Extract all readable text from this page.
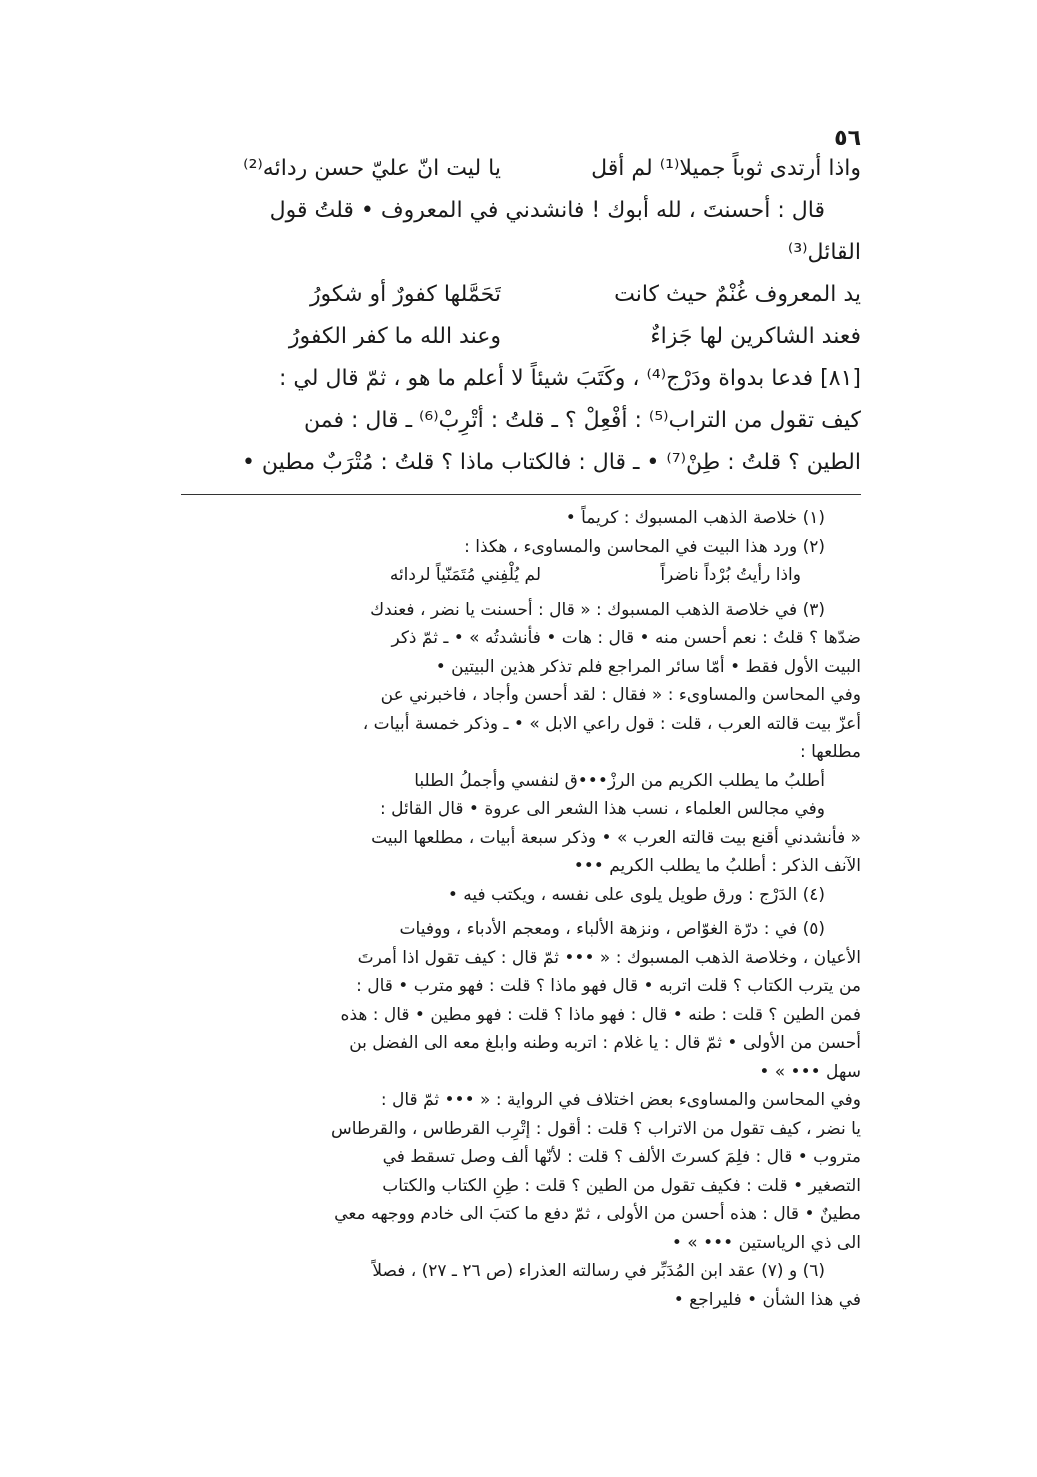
٥٦
واذا أرتدى ثوباً جميلا⁽¹⁾ لم أقل
يا ليت انّ عليّ حسن ردائه⁽²⁾
قال : أحسنتَ ، لله أبوك ! فانشدني في المعروف • قلتُ قول
القائل⁽³⁾
يد المعروف غُنْمٌ حيث كانت
تَحَمَّلها كفورٌ أو شكورُ
فعند الشاكرين لها جَزاءٌ
وعند الله ما كفر الكفورُ
[٨١] فدعا بدواة ودَرْج⁽⁴⁾ ، وكَتَبَ شيئاً لا أعلم ما هو ، ثمّ قال لي :
كيف تقول من التراب⁽⁵⁾ : أفْعِلْ ؟ ـ قلتُ : أتْرِبْ⁽⁶⁾ ـ قال : فمن
الطين ؟ قلتُ : طِنْ⁽⁷⁾ • ـ قال : فالكتاب ماذا ؟ قلتُ : مُتْرَبٌ مطين •
(١) خلاصة الذهب المسبوك : كريماً •
(٢) ورد هذا البيت في المحاسن والمساوىء ، هكذا :
واذا رأيتُ بُرْداً ناضراً
لم يُلْفِني مُتَمَنّياً لردائه
(٣) في خلاصة الذهب المسبوك : « قال : أحسنت يا نضر ، فعندك
ضدّها ؟ قلتُ : نعم أحسن منه • قال : هات • فأنشدتُه » • ـ ثمّ ذكر
البيت الأول فقط • أمّا سائر المراجع فلم تذكر هذين البيتين •
وفي المحاسن والمساوىء : « فقال : لقد أحسن وأجاد ، فاخبرني عن
أعزّ بيت قالته العرب ، قلت : قول راعي الابل » • ـ وذكر خمسة أبيات ،
مطلعها :
أطلبُ ما يطلب الكريم من الرزْ•••ق لنفسي وأجملُ الطلبا
وفي مجالس العلماء ، نسب هذا الشعر الى عروة • قال القائل :
« فأنشدني أقنع بيت قالته العرب » • وذكر سبعة أبيات ، مطلعها البيت
الآنف الذكر : أطلبُ ما يطلب الكريم •••
(٤) الدَرْج : ورق طويل يلوى على نفسه ، ويكتب فيه •
(٥) في : درّة الغوّاص ، ونزهة الألباء ، ومعجم الأدباء ، ووفيات
الأعيان ، وخلاصة الذهب المسبوك : « ••• ثمّ قال : كيف تقول اذا أمرتَ
من يترب الكتاب ؟ قلت اتربه • قال فهو ماذا ؟ قلت : فهو مترب • قال :
فمن الطين ؟ قلت : طنه • قال : فهو ماذا ؟ قلت : فهو مطين • قال : هذه
أحسن من الأولى • ثمّ قال : يا غلام : اتربه وطنه وابلغ معه الى الفضل بن
سهل ••• » •
وفي المحاسن والمساوىء بعض اختلاف في الرواية : « ••• ثمّ قال :
يا نضر ، كيف تقول من الاتراب ؟ قلت : أقول : إتْرِب القرطاس ، والقرطاس
متروب • قال : فلِمَ كسرتَ الألف ؟ قلت : لأنّها ألف وصل تسقط في
التصغير • قلت : فكيف تقول من الطين ؟ قلت : طِنِ الكتاب والكتاب
مطينٌ • قال : هذه أحسن من الأولى ، ثمّ دفع ما كتبَ الى خادم ووجهه معي
الى ذي الرياستين ••• » •
(٦) و (٧) عقد ابن المُدَبِّر في رسالته العذراء (ص ٢٦ ـ ٢٧) ، فصلاً
في هذا الشأن • فليراجع •
